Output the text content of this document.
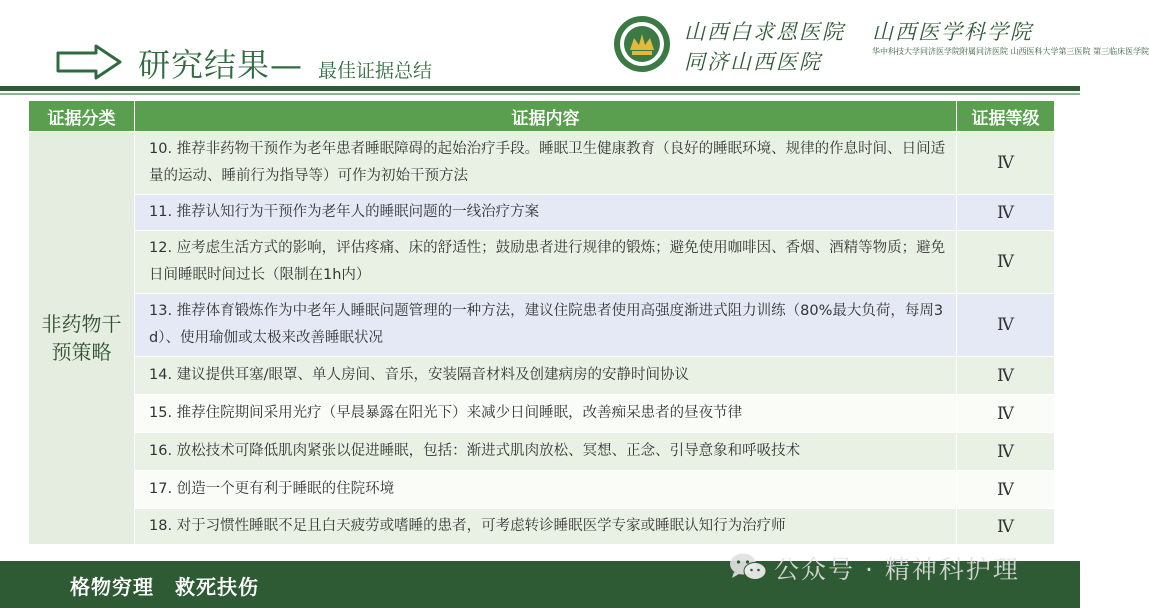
研究结果— 最佳证据总结
山西白求恩医院 山西医学科学院
同济山西医院	华中科技大学同济医学院附属同济医院 山西医科大学第三医院 第三临床医学院
证据分类	证据内容	证据等级

非药物干预策略	10. 推荐非药物干预作为老年患者睡眠障碍的起始治疗手段。睡眠卫生健康教育（良好的睡眠环境、规律的作息时间、日间适量的运动、睡前行为指导等）可作为初始干预方法	Ⅳ
	11. 推荐认知行为干预作为老年人的睡眠问题的一线治疗方案	Ⅳ
	12. 应考虑生活方式的影响，评估疼痛、床的舒适性；鼓励患者进行规律的锻炼；避免使用咖啡因、香烟、酒精等物质；避免日间睡眠时间过长（限制在1h内）	Ⅳ
	13. 推荐体育锻炼作为中老年人睡眠问题管理的一种方法，建议住院患者使用高强度渐进式阻力训练（80%最大负荷，每周3 d）、使用瑜伽或太极来改善睡眠状况	Ⅳ
	14. 建议提供耳塞/眼罩、单人房间、音乐，安装隔音材料及创建病房的安静时间协议	Ⅳ
	15. 推荐住院期间采用光疗（早晨暴露在阳光下）来减少日间睡眠，改善痴呆患者的昼夜节律	Ⅳ
	16. 放松技术可降低肌肉紧张以促进睡眠，包括：渐进式肌肉放松、冥想、正念、引导意象和呼吸技术	Ⅳ
	17. 创造一个更有利于睡眠的住院环境	Ⅳ
	18. 对于习惯性睡眠不足且白天疲劳或嗜睡的患者，可考虑转诊睡眠医学专家或睡眠认知行为治疗师	Ⅳ
格物穷理　救死扶伤
公众号 · 精神科护理
